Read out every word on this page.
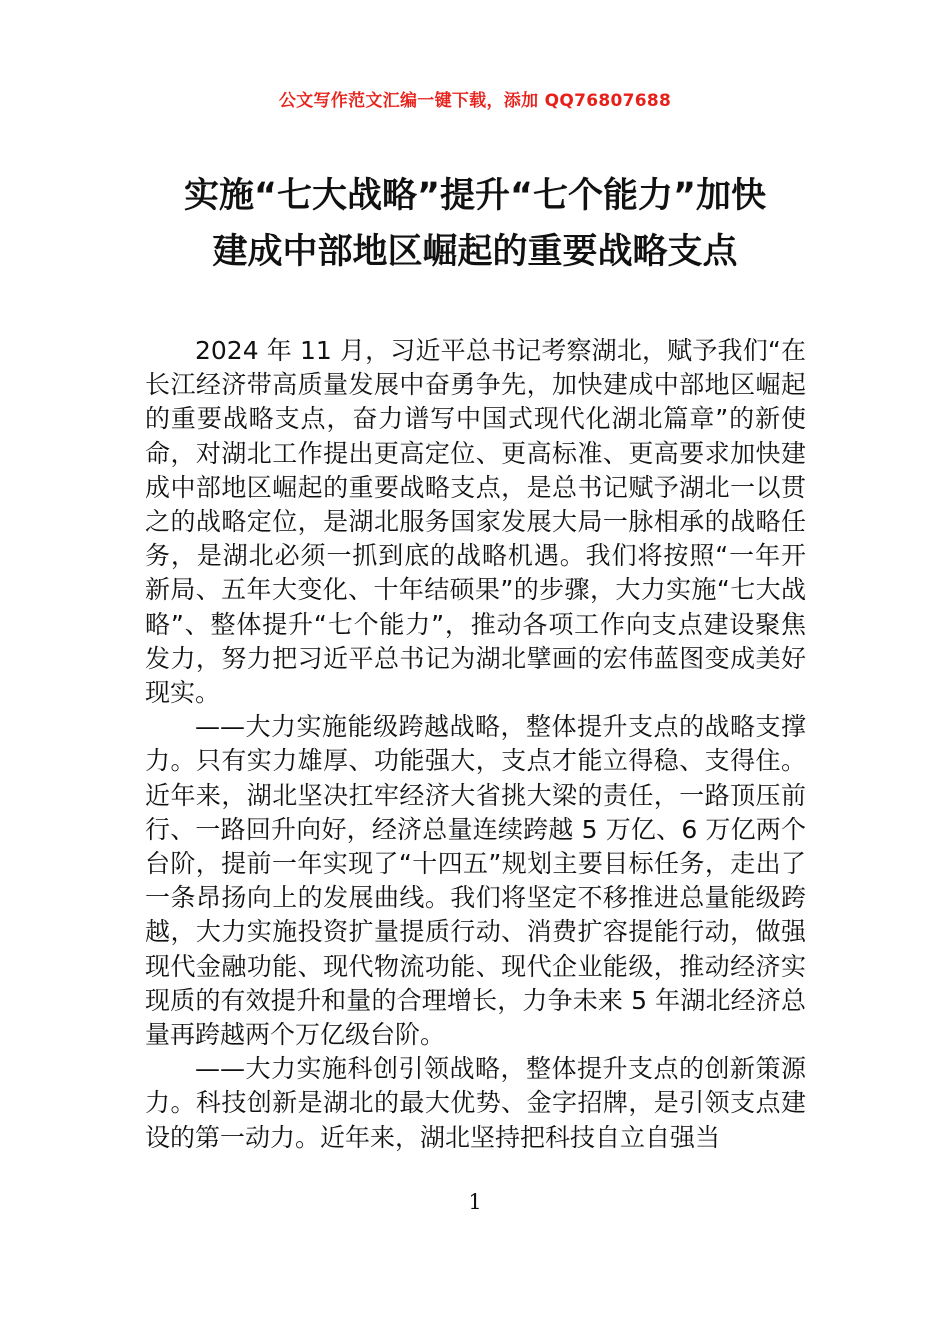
公文写作范文汇编一键下载，添加 QQ76807688
实施“七大战略”提升“七个能力”加快
建成中部地区崛起的重要战略支点

2024 年 11 月，习近平总书记考察湖北，赋予我们“在长江经济带高质量发展中奋勇争先，加快建成中部地区崛起的重要战略支点，奋力谱写中国式现代化湖北篇章”的新使命，对湖北工作提出更高定位、更高标准、更高要求加快建成中部地区崛起的重要战略支点，是总书记赋予湖北一以贯之的战略定位，是湖北服务国家发展大局一脉相承的战略任务，是湖北必须一抓到底的战略机遇。我们将按照“一年开新局、五年大变化、十年结硕果”的步骤，大力实施“七大战略”、整体提升“七个能力”，推动各项工作向支点建设聚焦发力，努力把习近平总书记为湖北擘画的宏伟蓝图变成美好现实。

——大力实施能级跨越战略，整体提升支点的战略支撑力。只有实力雄厚、功能强大，支点才能立得稳、支得住。近年来，湖北坚决扛牢经济大省挑大梁的责任，一路顶压前行、一路回升向好，经济总量连续跨越 5 万亿、6 万亿两个台阶，提前一年实现了“十四五”规划主要目标任务，走出了一条昂扬向上的发展曲线。我们将坚定不移推进总量能级跨越，大力实施投资扩量提质行动、消费扩容提能行动，做强现代金融功能、现代物流功能、现代企业能级，推动经济实现质的有效提升和量的合理增长，力争未来 5 年湖北经济总量再跨越两个万亿级台阶。

——大力实施科创引领战略，整体提升支点的创新策源力。科技创新是湖北的最大优势、金字招牌，是引领支点建设的第一动力。近年来，湖北坚持把科技自立自强当

1
